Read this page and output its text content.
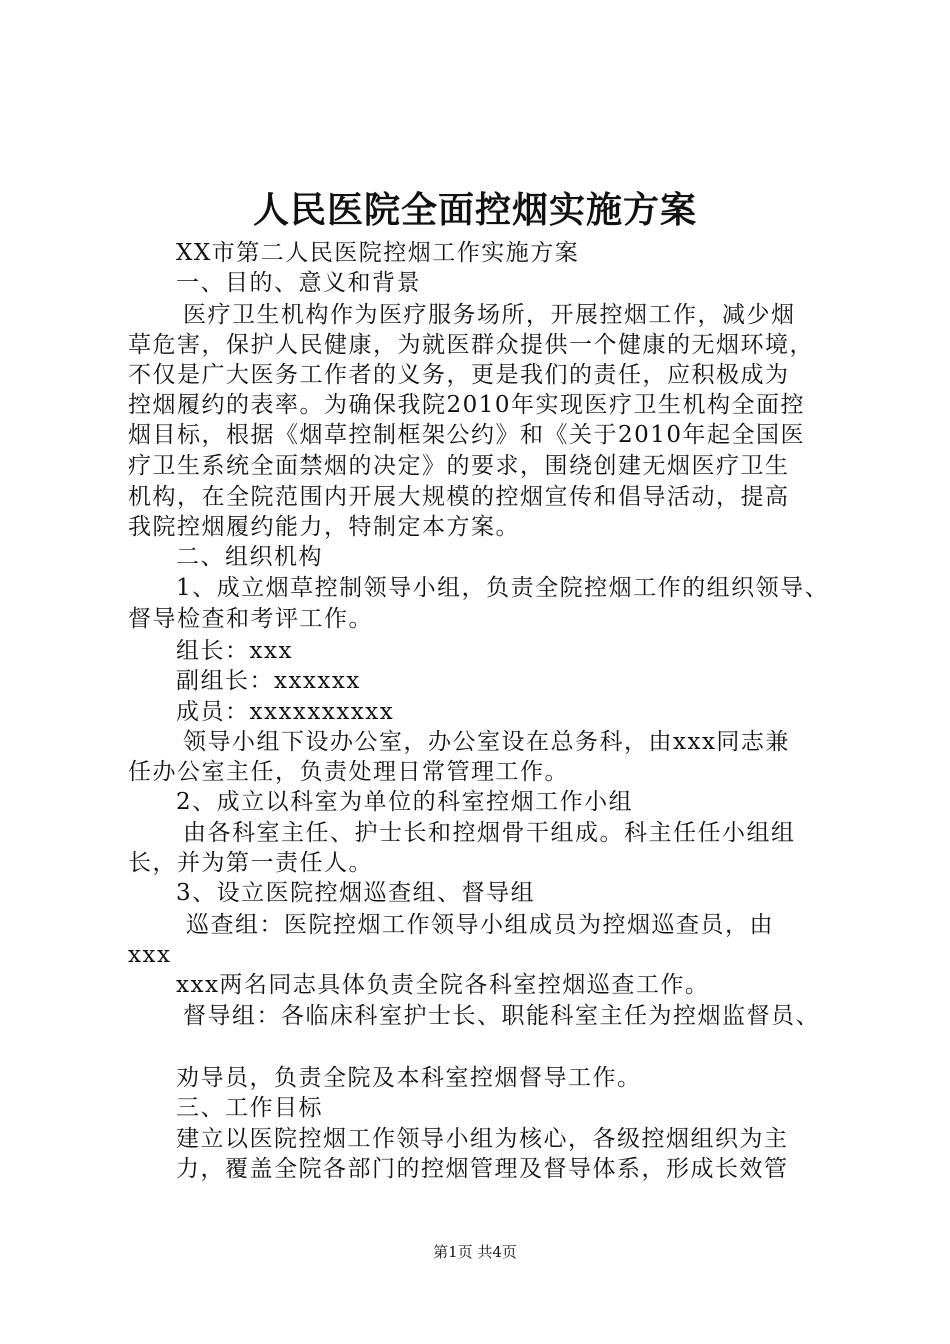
人民医院全面控烟实施方案
XX市第二人民医院控烟工作实施方案
一、目的、意义和背景
医疗卫生机构作为医疗服务场所，开展控烟工作，减少烟
草危害，保护人民健康，为就医群众提供一个健康的无烟环境，
不仅是广大医务工作者的义务，更是我们的责任，应积极成为
控烟履约的表率。为确保我院2010年实现医疗卫生机构全面控
烟目标，根据《烟草控制框架公约》和《关于2010年起全国医
疗卫生系统全面禁烟的决定》的要求，围绕创建无烟医疗卫生
机构，在全院范围内开展大规模的控烟宣传和倡导活动，提高
我院控烟履约能力，特制定本方案。
二、组织机构
1、成立烟草控制领导小组，负责全院控烟工作的组织领导、
督导检查和考评工作。
组长：xxx
副组长：xxxxxx
成员：xxxxxxxxxx
领导小组下设办公室，办公室设在总务科，由xxx同志兼
任办公室主任，负责处理日常管理工作。
2、成立以科室为单位的科室控烟工作小组
由各科室主任、护士长和控烟骨干组成。科主任任小组组
长，并为第一责任人。
3、设立医院控烟巡查组、督导组
巡查组：医院控烟工作领导小组成员为控烟巡查员，由
xxx
xxx两名同志具体负责全院各科室控烟巡查工作。
督导组：各临床科室护士长、职能科室主任为控烟监督员、
劝导员，负责全院及本科室控烟督导工作。
三、工作目标
建立以医院控烟工作领导小组为核心，各级控烟组织为主
力，覆盖全院各部门的控烟管理及督导体系，形成长效管
第1页 共4页
